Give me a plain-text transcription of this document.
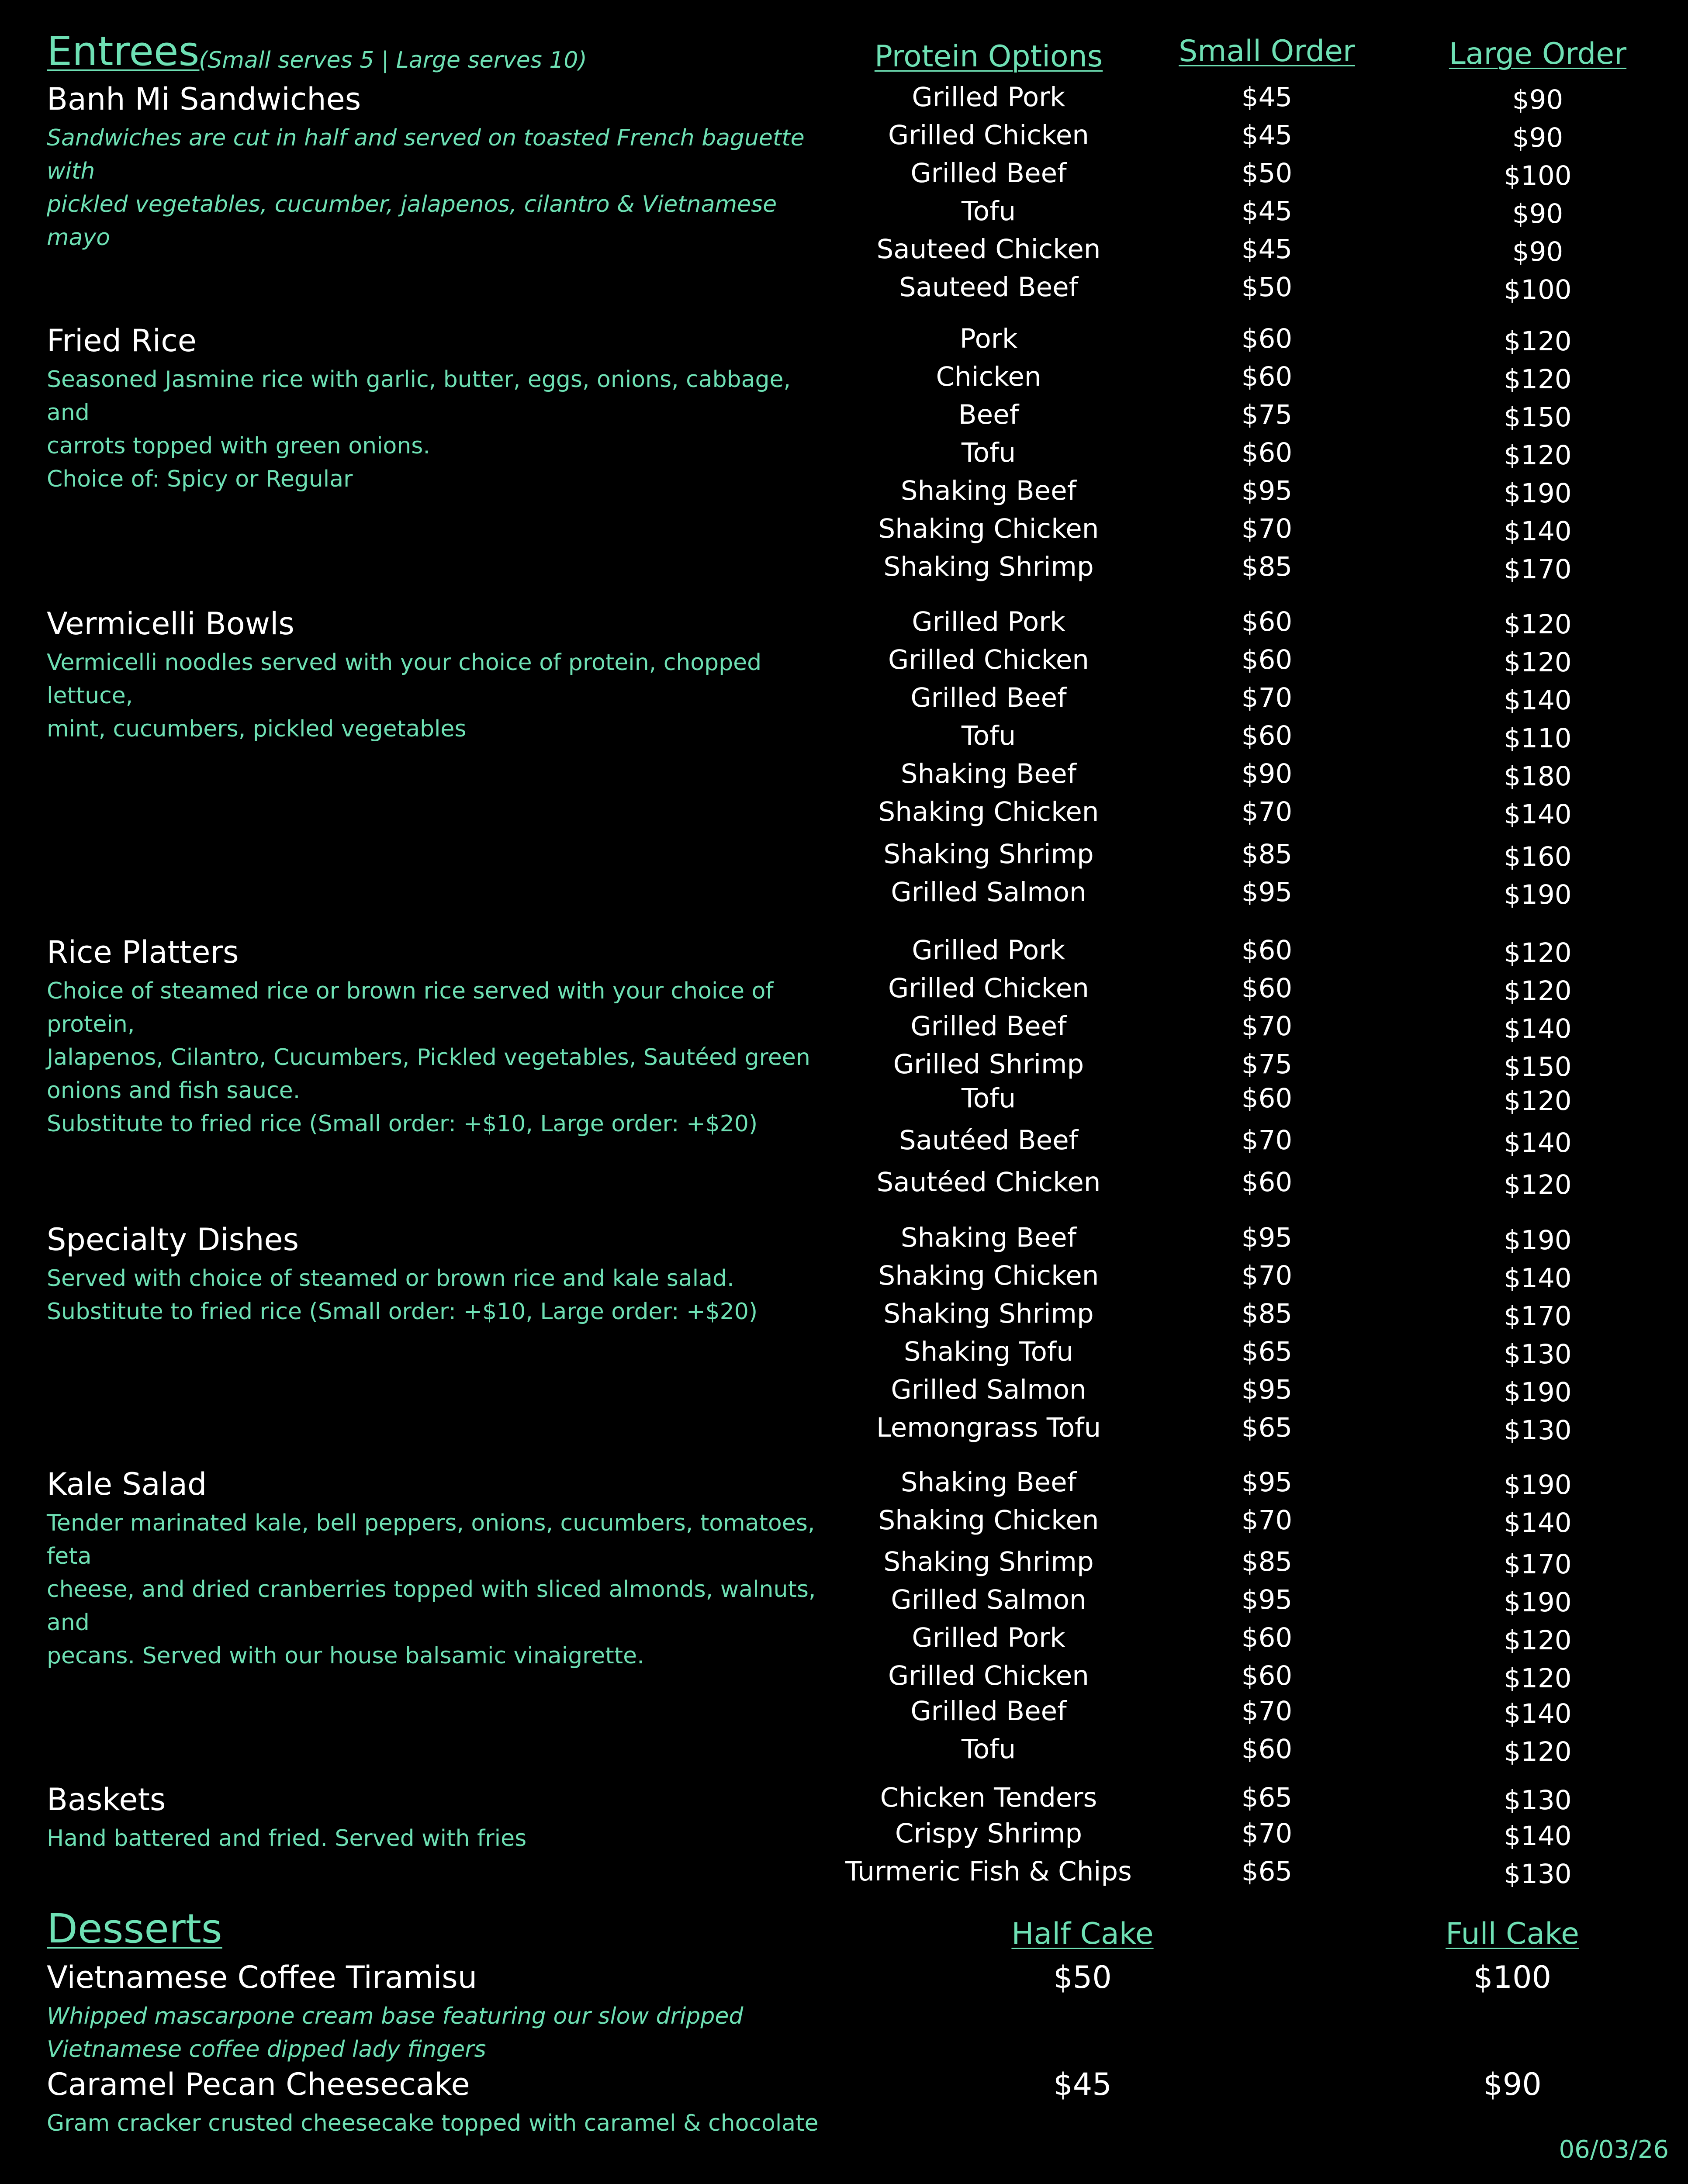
Entrees
(Small serves 5 | Large serves 10)	Protein Options	Small Order	Large Order
Banh Mi Sandwiches
Sandwiches are cut in half and served on toasted French baguette with
pickled vegetables, cucumber, jalapenos, cilantro & Vietnamese mayo
Grilled Pork	$45	$90
Grilled Chicken	$45	$90
Grilled Beef	$50	$100
Tofu	$45	$90
Sauteed Chicken	$45	$90
Sauteed Beef	$50	$100
Fried Rice
Seasoned Jasmine rice with garlic, butter, eggs, onions, cabbage, and
carrots topped with green onions.
Choice of: Spicy or Regular
Pork	$60	$120
Chicken	$60	$120
Beef	$75	$150
Tofu	$60	$120
Shaking Beef	$95	$190
Shaking Chicken	$70	$140
Shaking Shrimp	$85	$170
Vermicelli Bowls
Vermicelli noodles served with your choice of protein, chopped lettuce,
mint, cucumbers, pickled vegetables
Grilled Pork	$60	$120
Grilled Chicken	$60	$120
Grilled Beef	$70	$140
Tofu	$60	$110
Shaking Beef	$90	$180
Shaking Chicken	$70	$140
Shaking Shrimp	$85	$160
Grilled Salmon	$95	$190
Rice Platters
Choice of steamed rice or brown rice served with your choice of protein,
Jalapenos, Cilantro, Cucumbers, Pickled vegetables, Sautéed green
onions and fish sauce.
Substitute to fried rice (Small order: +$10, Large order: +$20)
Grilled Pork	$60	$120
Grilled Chicken	$60	$120
Grilled Beef	$70	$140
Grilled Shrimp	$75	$150
Tofu	$60	$120
Sautéed Beef	$70	$140
Sautéed Chicken	$60	$120
Specialty Dishes
Served with choice of steamed or brown rice and kale salad.
Substitute to fried rice (Small order: +$10, Large order: +$20)
Shaking Beef	$95	$190
Shaking Chicken	$70	$140
Shaking Shrimp	$85	$170
Shaking Tofu	$65	$130
Grilled Salmon	$95	$190
Lemongrass Tofu	$65	$130
Kale Salad
Tender marinated kale, bell peppers, onions, cucumbers, tomatoes, feta
cheese, and dried cranberries topped with sliced almonds, walnuts, and
pecans. Served with our house balsamic vinaigrette.
Shaking Beef	$95	$190
Shaking Chicken	$70	$140
Shaking Shrimp	$85	$170
Grilled Salmon	$95	$190
Grilled Pork	$60	$120
Grilled Chicken	$60	$120
Grilled Beef	$70	$140
Tofu	$60	$120
Baskets
Hand battered and fried. Served with fries
Chicken Tenders	$65	$130
Crispy Shrimp	$70	$140
Turmeric Fish & Chips	$65	$130
Desserts	Half Cake	Full Cake
Vietnamese Coffee Tiramisu
Whipped mascarpone cream base featuring our slow dripped
Vietnamese coffee dipped lady fingers
$50	$100
Caramel Pecan Cheesecake
Gram cracker crusted cheesecake topped with caramel & chocolate
$45	$90
06/03/26
